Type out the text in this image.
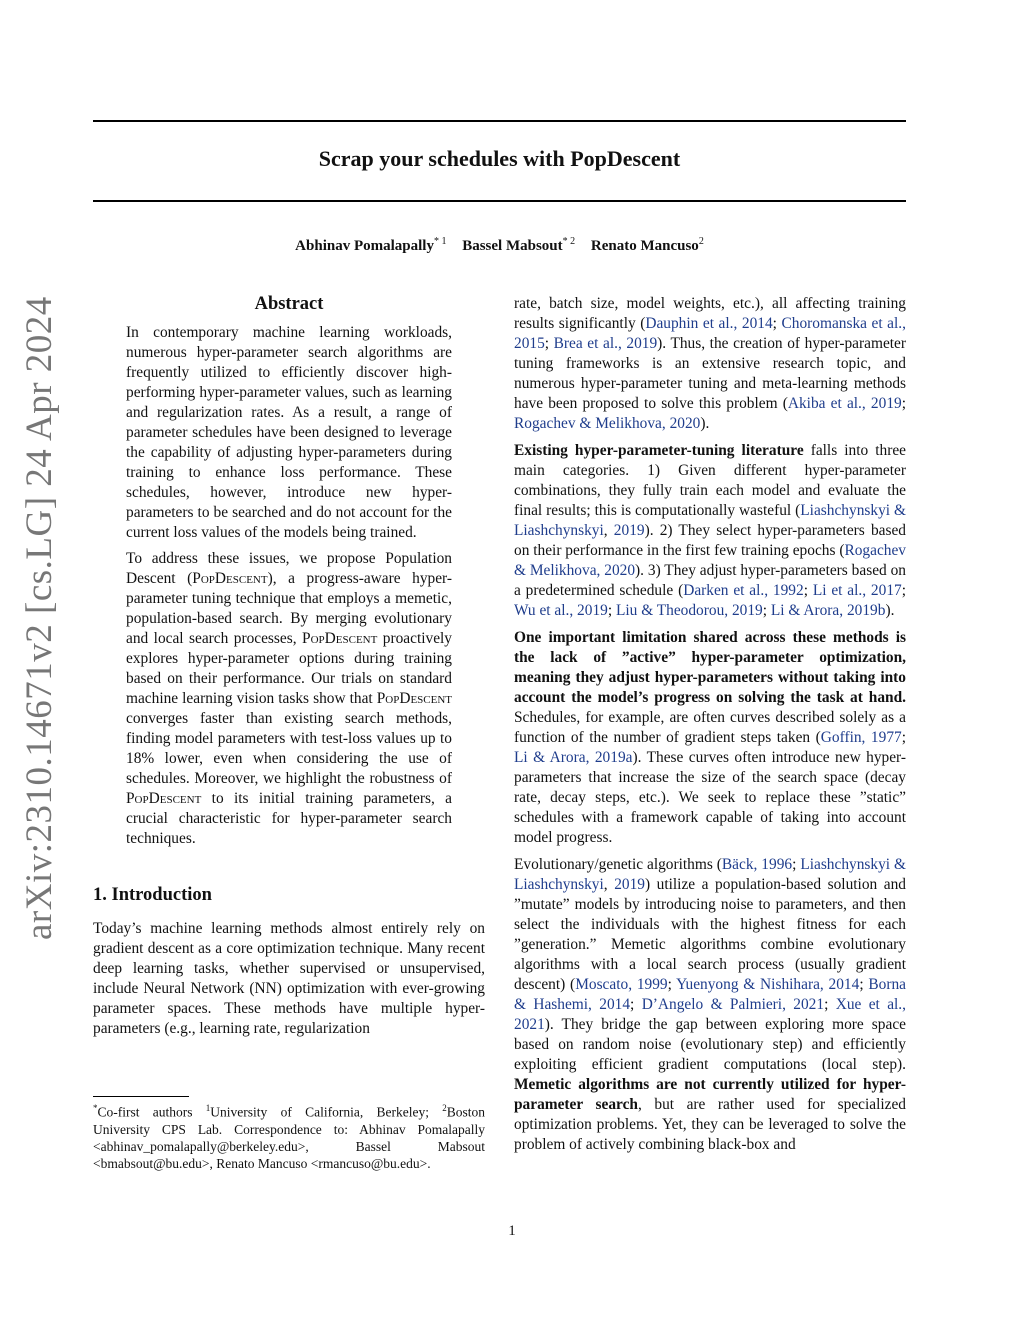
Scrap your schedules with PopDescent
Abhinav Pomalapally$^{* 1}$ Bassel Mabsout$^{* 2}$ Renato Mancuso$^2$
arXiv:2310.14671v2 [cs.LG] 24 Apr 2024	Abstract

In contemporary machine learning workloads, numerous hyper-parameter search algorithms are frequently utilized to efficiently discover high-performing hyper-parameter values, such as learning and regularization rates. As a result, a range of parameter schedules have been designed to leverage the capability of adjusting hyper-parameters during training to enhance loss performance. These schedules, however, introduce new hyper-parameters to be searched and do not account for the current loss values of the models being trained.

To address these issues, we propose Population Descent (PopDescent), a progress-aware hyper-parameter tuning technique that employs a memetic, population-based search. By merging evolutionary and local search processes, PopDescent proactively explores hyper-parameter options during training based on their performance. Our trials on standard machine learning vision tasks show that PopDescent converges faster than existing search methods, finding model parameters with test-loss values up to 18% lower, even when considering the use of schedules. Moreover, we highlight the robustness of PopDescent to its initial training parameters, a crucial characteristic for hyper-parameter search techniques.

1. Introduction

Today’s machine learning methods almost entirely rely on gradient descent as a core optimization technique. Many recent deep learning tasks, whether supervised or unsupervised, include Neural Network (NN) optimization with ever-growing parameter spaces. These methods have multiple hyper-parameters (e.g., learning rate, regularization

*Co-first authors $^1$University of California, Berkeley; $^2$Boston University CPS Lab. Correspondence to: Abhinav Pomalapally <abhinav_pomalapally@berkeley.edu>, Bassel Mabsout <bmabsout@bu.edu>, Renato Mancuso <rmancuso@bu.edu>.

rate, batch size, model weights, etc.), all affecting training results significantly (Dauphin et al., 2014; Choromanska et al., 2015; Brea et al., 2019). Thus, the creation of hyper-parameter tuning frameworks is an extensive research topic, and numerous hyper-parameter tuning and meta-learning methods have been proposed to solve this problem (Akiba et al., 2019; Rogachev & Melikhova, 2020).

Existing hyper-parameter-tuning literature falls into three main categories. 1) Given different hyper-parameter combinations, they fully train each model and evaluate the final results; this is computationally wasteful (Liashchynskyi & Liashchynskyi, 2019). 2) They select hyper-parameters based on their performance in the first few training epochs (Rogachev & Melikhova, 2020). 3) They adjust hyper-parameters based on a predetermined schedule (Darken et al., 1992; Li et al., 2017; Wu et al., 2019; Liu & Theodorou, 2019; Li & Arora, 2019b).

One important limitation shared across these methods is the lack of ”active” hyper-parameter optimization, meaning they adjust hyper-parameters without taking into account the model’s progress on solving the task at hand. Schedules, for example, are often curves described solely as a function of the number of gradient steps taken (Goffin, 1977; Li & Arora, 2019a). These curves often introduce new hyper-parameters that increase the size of the search space (decay rate, decay steps, etc.). We seek to replace these ”static” schedules with a framework capable of taking into account model progress.

Evolutionary/genetic algorithms (Bäck, 1996; Liashchynskyi & Liashchynskyi, 2019) utilize a population-based solution and ”mutate” models by introducing noise to parameters, and then select the individuals with the highest fitness for each ”generation.” Memetic algorithms combine evolutionary algorithms with a local search process (usually gradient descent) (Moscato, 1999; Yuenyong & Nishihara, 2014; Borna & Hashemi, 2014; D’Angelo & Palmieri, 2021; Xue et al., 2021). They bridge the gap between exploring more space based on random noise (evolutionary step) and efficiently exploiting efficient gradient computations (local step). Memetic algorithms are not currently utilized for hyper-parameter search, but are rather used for specialized optimization problems. Yet, they can be leveraged to solve the problem of actively combining black-box and

1
